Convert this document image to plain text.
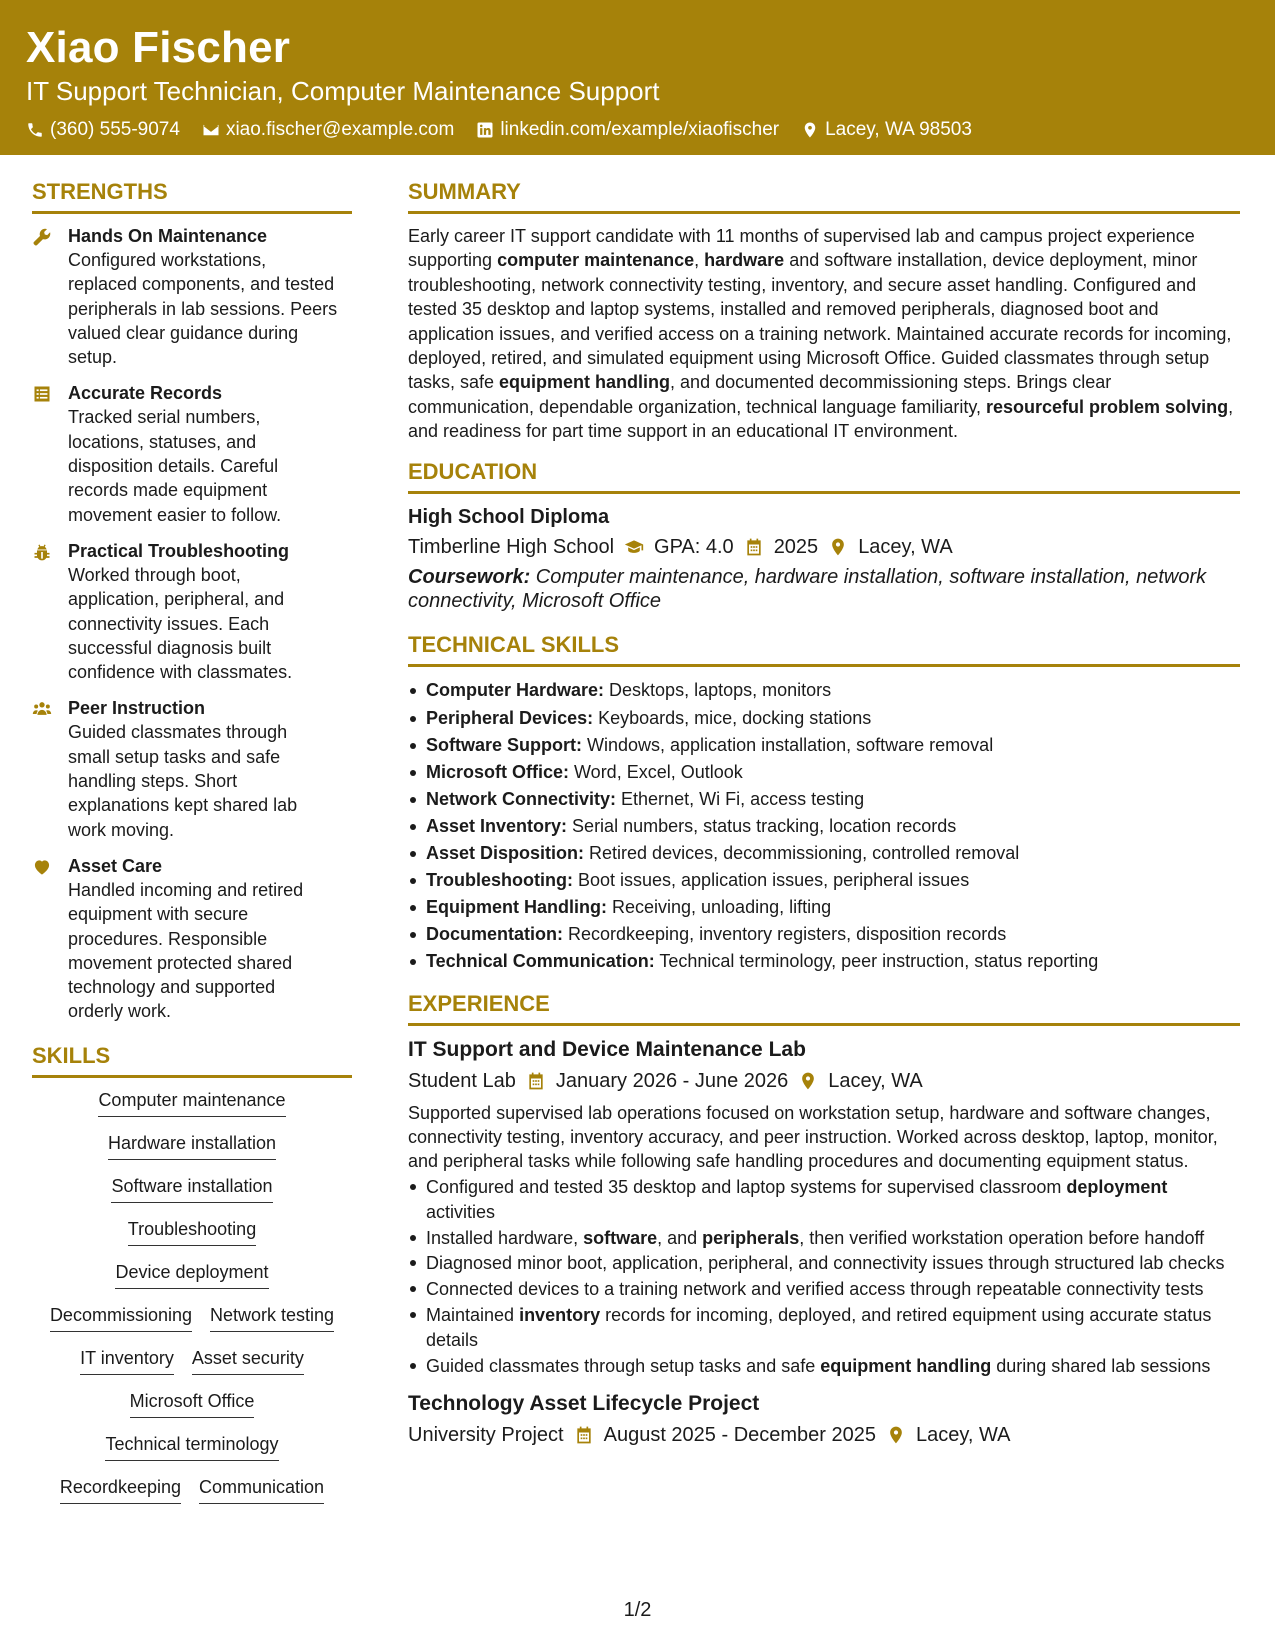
Xiao Fischer
IT Support Technician, Computer Maintenance Support
(360) 555-9074 xiao.fischer@example.com linkedin.com/example/xiaofischer Lacey, WA 98503
STRENGTHS
Hands On Maintenance
Configured workstations,
replaced components, and tested
peripherals in lab sessions. Peers
valued clear guidance during
setup.
Accurate Records
Tracked serial numbers,
locations, statuses, and
disposition details. Careful
records made equipment
movement easier to follow.
Practical Troubleshooting
Worked through boot,
application, peripheral, and
connectivity issues. Each
successful diagnosis built
confidence with classmates.
Peer Instruction
Guided classmates through
small setup tasks and safe
handling steps. Short
explanations kept shared lab
work moving.
Asset Care
Handled incoming and retired
equipment with secure
procedures. Responsible
movement protected shared
technology and supported
orderly work.
SKILLS
Computer maintenance
Hardware installation
Software installation
Troubleshooting
Device deployment
Decommissioning Network testing
IT inventory Asset security
Microsoft Office
Technical terminology
Recordkeeping Communication
SUMMARY
Early career IT support candidate with 11 months of supervised lab and campus project experience supporting computer maintenance, hardware and software installation, device deployment, minor troubleshooting, network connectivity testing, inventory, and secure asset handling. Configured and tested 35 desktop and laptop systems, installed and removed peripherals, diagnosed boot and application issues, and verified access on a training network. Maintained accurate records for incoming, deployed, retired, and simulated equipment using Microsoft Office. Guided classmates through setup tasks, safe equipment handling, and documented decommissioning steps. Brings clear communication, dependable organization, technical language familiarity, resourceful problem solving, and readiness for part time support in an educational IT environment.
EDUCATION
High School Diploma
Timberline High School GPA: 4.0 2025 Lacey, WA
Coursework: Computer maintenance, hardware installation, software installation, network connectivity, Microsoft Office
TECHNICAL SKILLS
Computer Hardware: Desktops, laptops, monitors
Peripheral Devices: Keyboards, mice, docking stations
Software Support: Windows, application installation, software removal
Microsoft Office: Word, Excel, Outlook
Network Connectivity: Ethernet, Wi Fi, access testing
Asset Inventory: Serial numbers, status tracking, location records
Asset Disposition: Retired devices, decommissioning, controlled removal
Troubleshooting: Boot issues, application issues, peripheral issues
Equipment Handling: Receiving, unloading, lifting
Documentation: Recordkeeping, inventory registers, disposition records
Technical Communication: Technical terminology, peer instruction, status reporting
EXPERIENCE
IT Support and Device Maintenance Lab
Student Lab January 2026 - June 2026 Lacey, WA
Supported supervised lab operations focused on workstation setup, hardware and software changes, connectivity testing, inventory accuracy, and peer instruction. Worked across desktop, laptop, monitor, and peripheral tasks while following safe handling procedures and documenting equipment status.
Configured and tested 35 desktop and laptop systems for supervised classroom deployment activities
Installed hardware, software, and peripherals, then verified workstation operation before handoff
Diagnosed minor boot, application, peripheral, and connectivity issues through structured lab checks
Connected devices to a training network and verified access through repeatable connectivity tests
Maintained inventory records for incoming, deployed, and retired equipment using accurate status details
Guided classmates through setup tasks and safe equipment handling during shared lab sessions
Technology Asset Lifecycle Project
University Project August 2025 - December 2025 Lacey, WA
1/2
